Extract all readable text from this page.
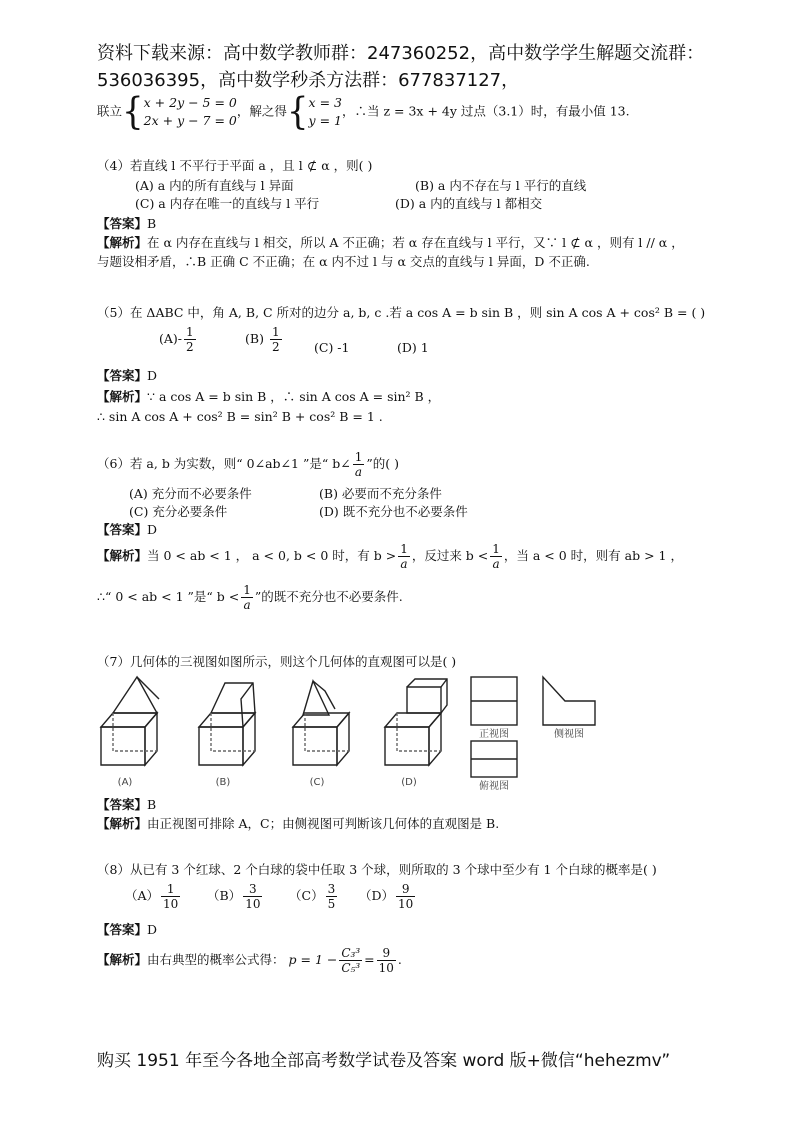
资料下载来源：高中数学教师群：247360252，高中数学学生解题交流群：
536036395，高中数学秒杀方法群：677837127，
联立{ x + 2y − 5 = 0
2x + y − 7 = 0
，解之得{ x = 3
y = 1
，∴当 z = 3x + 4y 过点（3.1）时，有最小值 13.
（4）若直线 l 不平行于平面 a ，且 l ⊄ α ，则( )
(A) a 内的所有直线与 l 异面	(B) a 内不存在与 l 平行的直线
(C) a 内存在唯一的直线与 l 平行	(D) a 内的直线与 l 都相交
【答案】B
【解析】在 α 内存在直线与 l 相交，所以 A 不正确；若 α 存在直线与 l 平行，又∵ l ⊄ α ，则有 l // α ，
与题设相矛盾，∴B 正确 C 不正确；在 α 内不过 l 与 α 交点的直线与 l 异面，D 不正确.
（5）在 ΔABC 中，角 A, B, C 所对的边分 a, b, c .若 a cos A = b sin B ，则 sin A cos A + cos² B = ( )
$(A)- \frac{1}{2}$	$(B) \frac{1}{2}$	(C) -1	(D) 1
【答案】D
【解析】∵ a cos A = b sin B ，∴ sin A cos A = sin² B ，
∴ sin A cos A + cos² B = sin² B + cos² B = 1 .
（6）若 a, b 为实数，则“ 0∠ab∠1 ”是“ b∠ $\frac{1}{a}$ ”的( )
(A) 充分而不必要条件	(B) 必要而不充分条件
(C) 充分必要条件	(D) 既不充分也不必要条件
【答案】D
【解析】当 0 < ab < 1 ， a < 0, b < 0 时，有 $b > \frac{1}{a}$ ，反过来 $b < \frac{1}{a}$ ，当 a < 0 时，则有 ab > 1 ，
∴“ 0 < ab < 1 ”是“ $b < \frac{1}{a}$ ”的既不充分也不必要条件.
（7）几何体的三视图如图所示，则这个几何体的直观图可以是( )
(A)	(B)	(C)	(D)
正视图	侧视图
俯视图
【答案】B
【解析】由正视图可排除 A，C；由侧视图可判断该几何体的直观图是 B.
（8）从已有 3 个红球、2 个白球的袋中任取 3 个球，则所取的 3 个球中至少有 1 个白球的概率是( )
$(A) \frac{1}{10} (B) \frac{3}{10} (C) \frac{3}{5} (D) \frac{9}{10}$
【答案】D
【解析】由右典型的概率公式得： $p = 1 - \frac{\text{C₃³}}{\text{C₅³}} = \frac{9}{10}$ .
购买 1951 年至今各地全部高考数学试卷及答案 word 版+微信“hehezmv”
